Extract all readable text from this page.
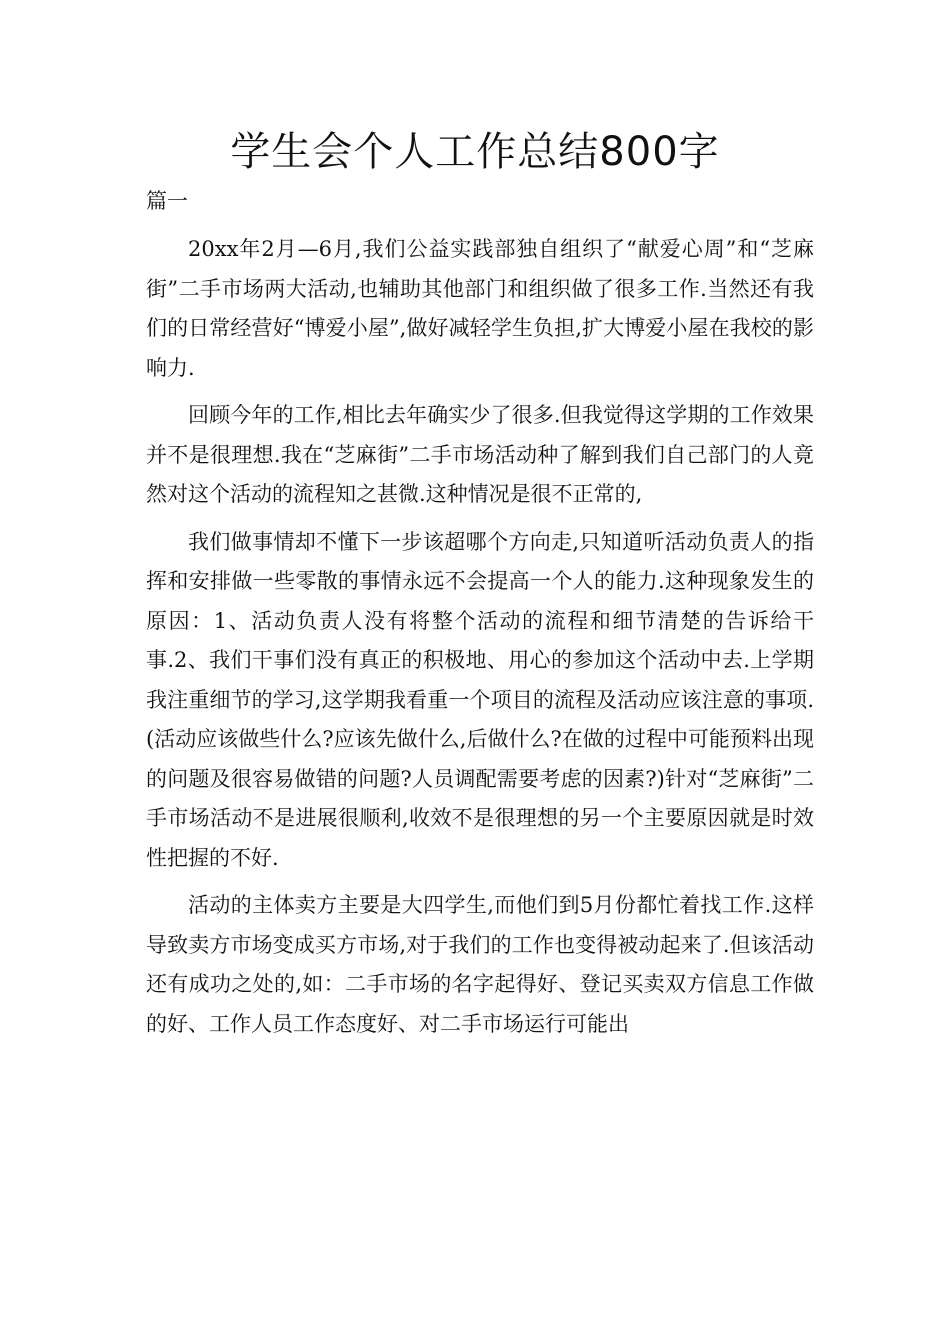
学生会个人工作总结800字
篇一

20xx年2月—6月,我们公益实践部独自组织了“献爱心周”和“芝麻街”二手市场两大活动,也辅助其他部门和组织做了很多工作.当然还有我们的日常经营好“博爱小屋”,做好减轻学生负担,扩大博爱小屋在我校的影响力.

回顾今年的工作,相比去年确实少了很多.但我觉得这学期的工作效果并不是很理想.我在“芝麻街”二手市场活动种了解到我们自己部门的人竟然对这个活动的流程知之甚微.这种情况是很不正常的,

我们做事情却不懂下一步该超哪个方向走,只知道听活动负责人的指挥和安排做一些零散的事情永远不会提高一个人的能力.这种现象发生的原因：1、活动负责人没有将整个活动的流程和细节清楚的告诉给干事.2、我们干事们没有真正的积极地、用心的参加这个活动中去.上学期我注重细节的学习,这学期我看重一个项目的流程及活动应该注意的事项.(活动应该做些什么?应该先做什么,后做什么?在做的过程中可能预料出现的问题及很容易做错的问题?人员调配需要考虑的因素?)针对“芝麻街”二手市场活动不是进展很顺利,收效不是很理想的另一个主要原因就是时效性把握的不好.

活动的主体卖方主要是大四学生,而他们到5月份都忙着找工作.这样导致卖方市场变成买方市场,对于我们的工作也变得被动起来了.但该活动还有成功之处的,如：二手市场的名字起得好、登记买卖双方信息工作做的好、工作人员工作态度好、对二手市场运行可能出
